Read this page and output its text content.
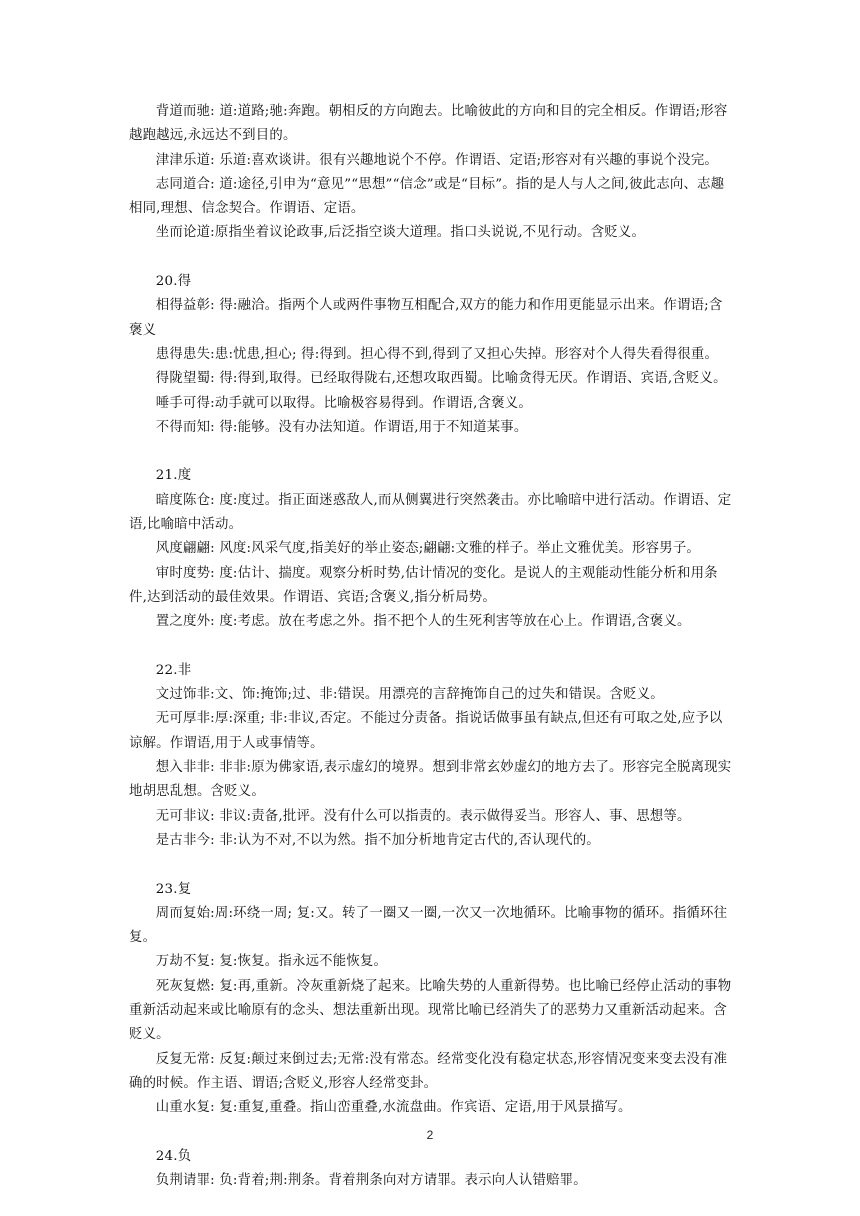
背道而驰: 道:道路;驰:奔跑。朝相反的方向跑去。比喻彼此的方向和目的完全相反。作谓语;形容越跑越远,永远达不到目的。

津津乐道: 乐道:喜欢谈讲。很有兴趣地说个不停。作谓语、定语;形容对有兴趣的事说个没完。

志同道合: 道:途径,引申为“意见”“思想”“信念”或是“目标”。指的是人与人之间,彼此志向、志趣相同,理想、信念契合。作谓语、定语。

坐而论道:原指坐着议论政事,后泛指空谈大道理。指口头说说,不见行动。含贬义。

20.得

相得益彰: 得:融洽。指两个人或两件事物互相配合,双方的能力和作用更能显示出来。作谓语;含褒义

患得患失:患:忧患,担心; 得:得到。担心得不到,得到了又担心失掉。形容对个人得失看得很重。

得陇望蜀: 得:得到,取得。已经取得陇右,还想攻取西蜀。比喻贪得无厌。作谓语、宾语,含贬义。

唾手可得:动手就可以取得。比喻极容易得到。作谓语,含褒义。

不得而知: 得:能够。没有办法知道。作谓语,用于不知道某事。

21.度

暗度陈仓: 度:度过。指正面迷惑敌人,而从侧翼进行突然袭击。亦比喻暗中进行活动。作谓语、定语,比喻暗中活动。

风度翩翩: 风度:风采气度,指美好的举止姿态;翩翩:文雅的样子。举止文雅优美。形容男子。

审时度势: 度:估计、揣度。观察分析时势,估计情况的变化。是说人的主观能动性能分析和用条件,达到活动的最佳效果。作谓语、宾语;含褒义,指分析局势。

置之度外: 度:考虑。放在考虑之外。指不把个人的生死利害等放在心上。作谓语,含褒义。

22.非

文过饰非:文、饰:掩饰;过、非:错误。用漂亮的言辞掩饰自己的过失和错误。含贬义。

无可厚非:厚:深重; 非:非议,否定。不能过分责备。指说话做事虽有缺点,但还有可取之处,应予以谅解。作谓语,用于人或事情等。

想入非非: 非非:原为佛家语,表示虚幻的境界。想到非常玄妙虚幻的地方去了。形容完全脱离现实地胡思乱想。含贬义。

无可非议: 非议:责备,批评。没有什么可以指责的。表示做得妥当。形容人、事、思想等。

是古非今: 非:认为不对,不以为然。指不加分析地肯定古代的,否认现代的。

23.复

周而复始:周:环绕一周; 复:又。转了一圈又一圈,一次又一次地循环。比喻事物的循环。指循环往复。

万劫不复: 复:恢复。指永远不能恢复。

死灰复燃: 复:再,重新。冷灰重新烧了起来。比喻失势的人重新得势。也比喻已经停止活动的事物重新活动起来或比喻原有的念头、想法重新出现。现常比喻已经消失了的恶势力又重新活动起来。含贬义。

反复无常: 反复:颠过来倒过去;无常:没有常态。经常变化没有稳定状态,形容情况变来变去没有准确的时候。作主语、谓语;含贬义,形容人经常变卦。

山重水复: 复:重复,重叠。指山峦重叠,水流盘曲。作宾语、定语,用于风景描写。

24.负

负荆请罪: 负:背着;荆:荆条。背着荆条向对方请罪。表示向人认错赔罪。

2
